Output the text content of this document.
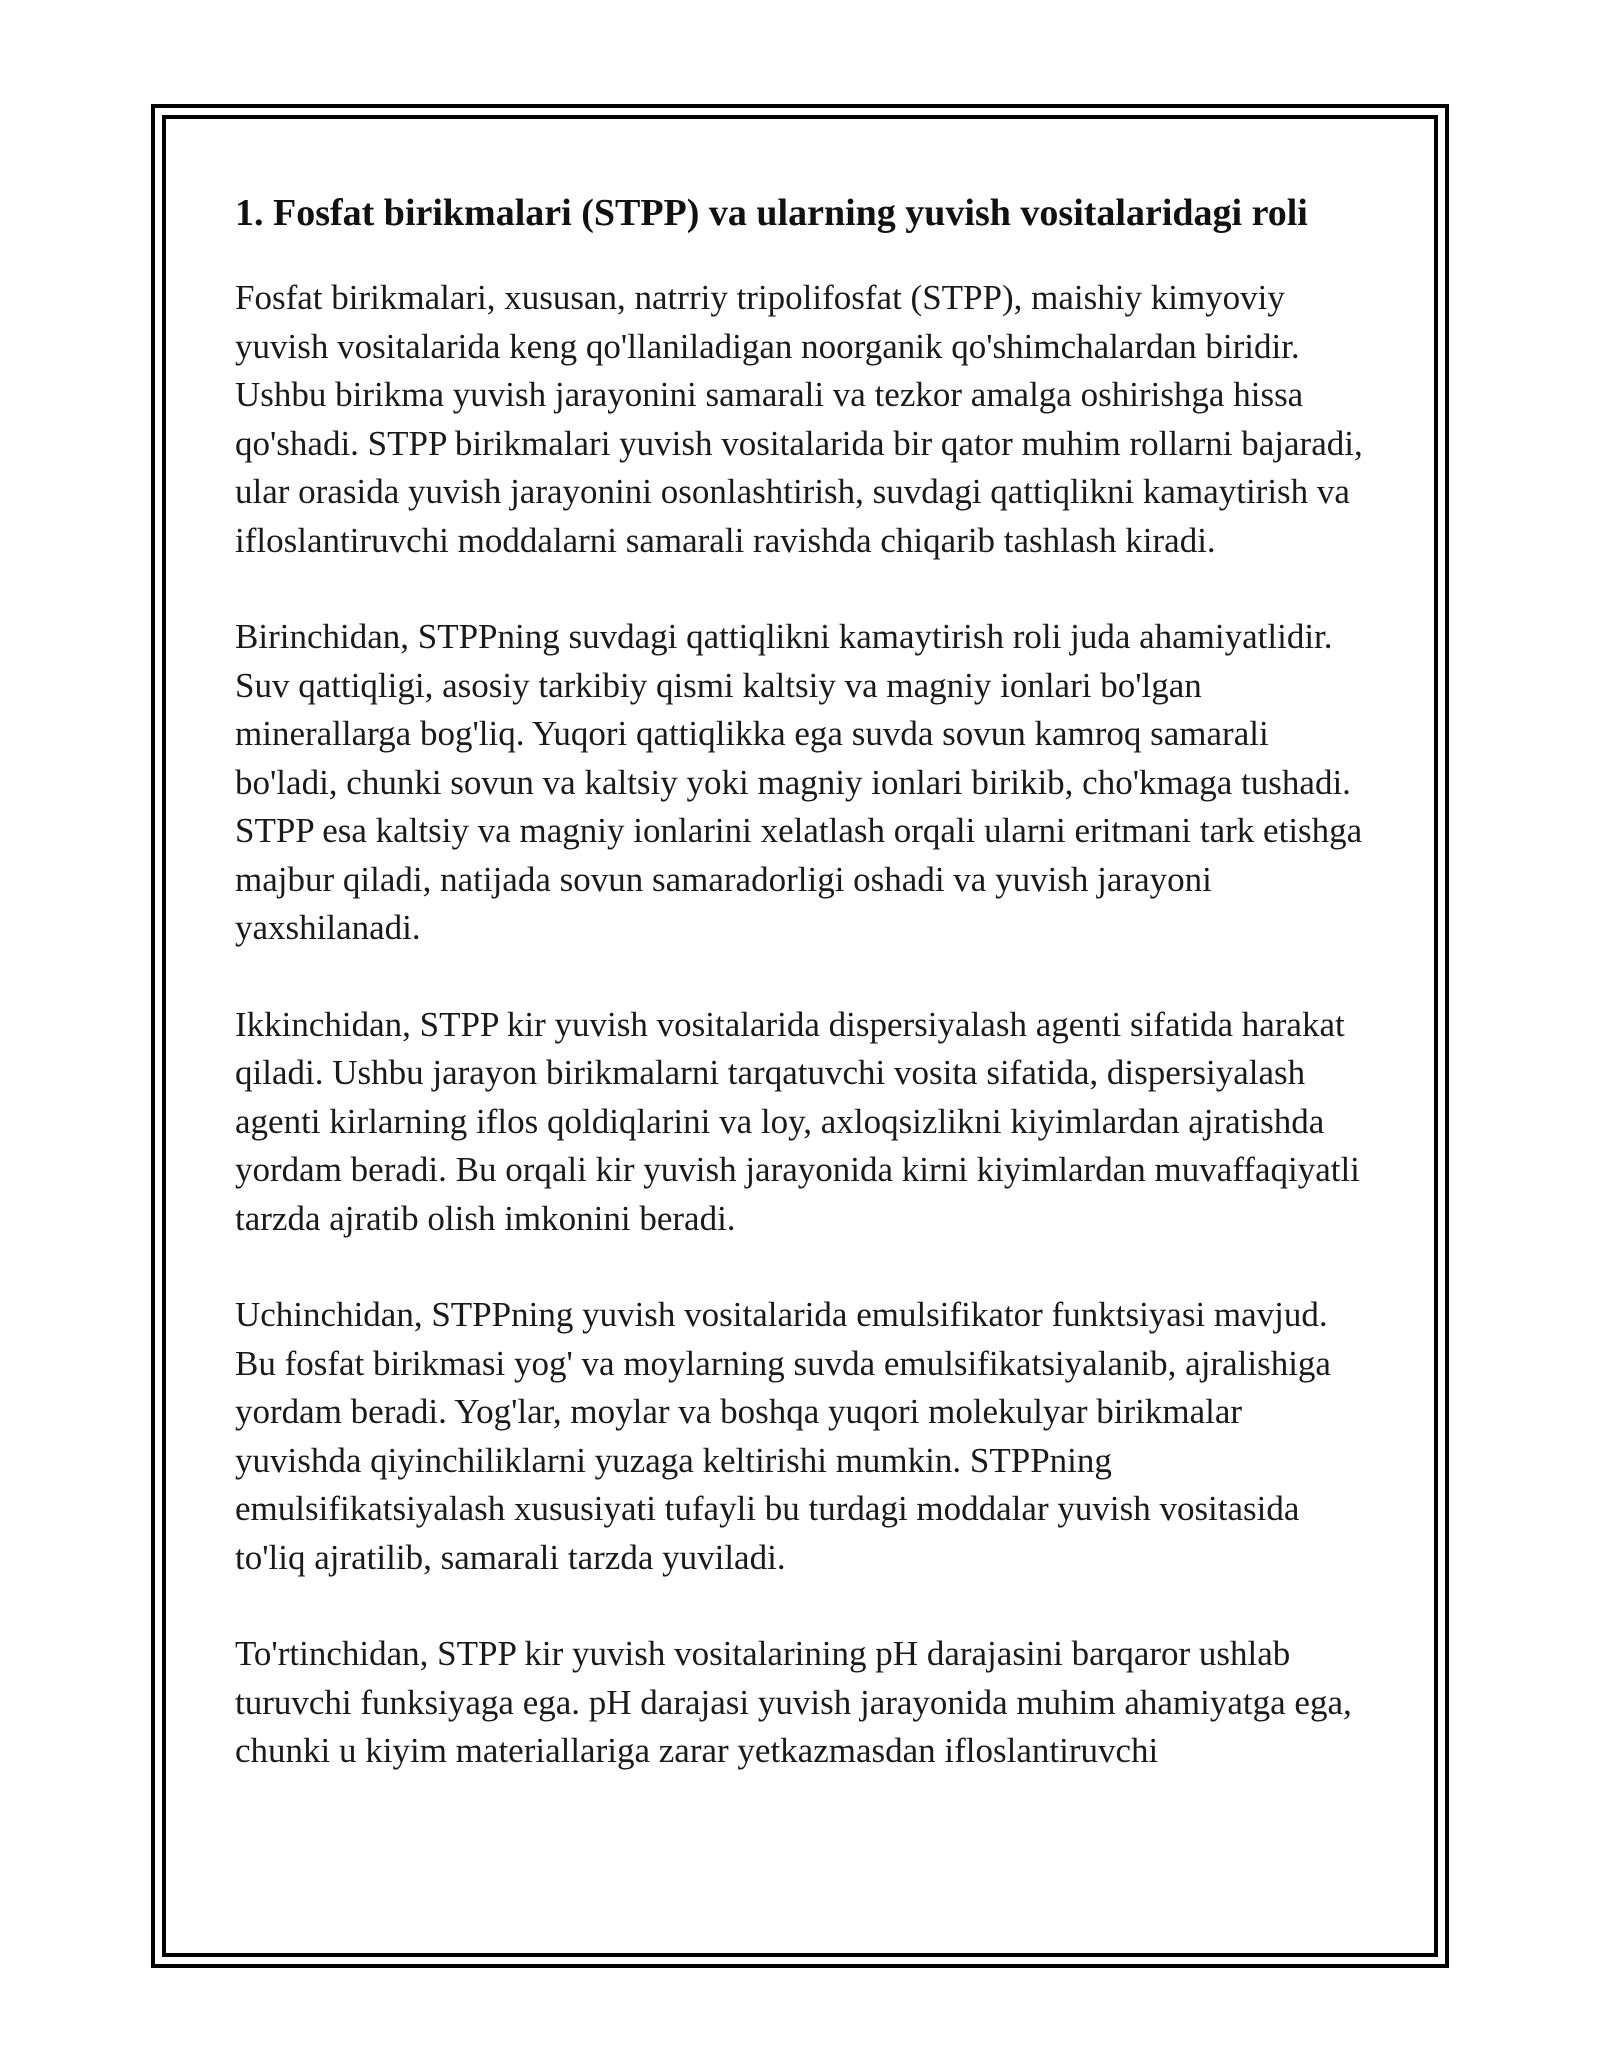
1. Fosfat birikmalari (STPP) va ularning yuvish vositalaridagi roli

Fosfat birikmalari, xususan, natrriy tripolifosfat (STPP), maishiy kimyoviy yuvish vositalarida keng qo'llaniladigan noorganik qo'shimchalardan biridir. Ushbu birikma yuvish jarayonini samarali va tezkor amalga oshirishga hissa qo'shadi. STPP birikmalari yuvish vositalarida bir qator muhim rollarni bajaradi, ular orasida yuvish jarayonini osonlashtirish, suvdagi qattiqlikni kamaytirish va ifloslantiruvchi moddalarni samarali ravishda chiqarib tashlash kiradi.

Birinchidan, STPPning suvdagi qattiqlikni kamaytirish roli juda ahamiyatlidir. Suv qattiqligi, asosiy tarkibiy qismi kaltsiy va magniy ionlari bo'lgan minerallarga bog'liq. Yuqori qattiqlikka ega suvda sovun kamroq samarali bo'ladi, chunki sovun va kaltsiy yoki magniy ionlari birikib, cho'kmaga tushadi. STPP esa kaltsiy va magniy ionlarini xelatlash orqali ularni eritmani tark etishga majbur qiladi, natijada sovun samaradorligi oshadi va yuvish jarayoni yaxshilanadi.

Ikkinchidan, STPP kir yuvish vositalarida dispersiyalash agenti sifatida harakat qiladi. Ushbu jarayon birikmalarni tarqatuvchi vosita sifatida, dispersiyalash agenti kirlarning iflos qoldiqlarini va loy, axloqsizlikni kiyimlardan ajratishda yordam beradi. Bu orqali kir yuvish jarayonida kirni kiyimlardan muvaffaqiyatli tarzda ajratib olish imkonini beradi.

Uchinchidan, STPPning yuvish vositalarida emulsifikator funktsiyasi mavjud. Bu fosfat birikmasi yog' va moylarning suvda emulsifikatsiyalanib, ajralishiga yordam beradi. Yog'lar, moylar va boshqa yuqori molekulyar birikmalar yuvishda qiyinchiliklarni yuzaga keltirishi mumkin. STPPning emulsifikatsiyalash xususiyati tufayli bu turdagi moddalar yuvish vositasida to'liq ajratilib, samarali tarzda yuviladi.

To'rtinchidan, STPP kir yuvish vositalarining pH darajasini barqaror ushlab turuvchi funksiyaga ega. pH darajasi yuvish jarayonida muhim ahamiyatga ega, chunki u kiyim materiallariga zarar yetkazmasdan ifloslantiruvchi
